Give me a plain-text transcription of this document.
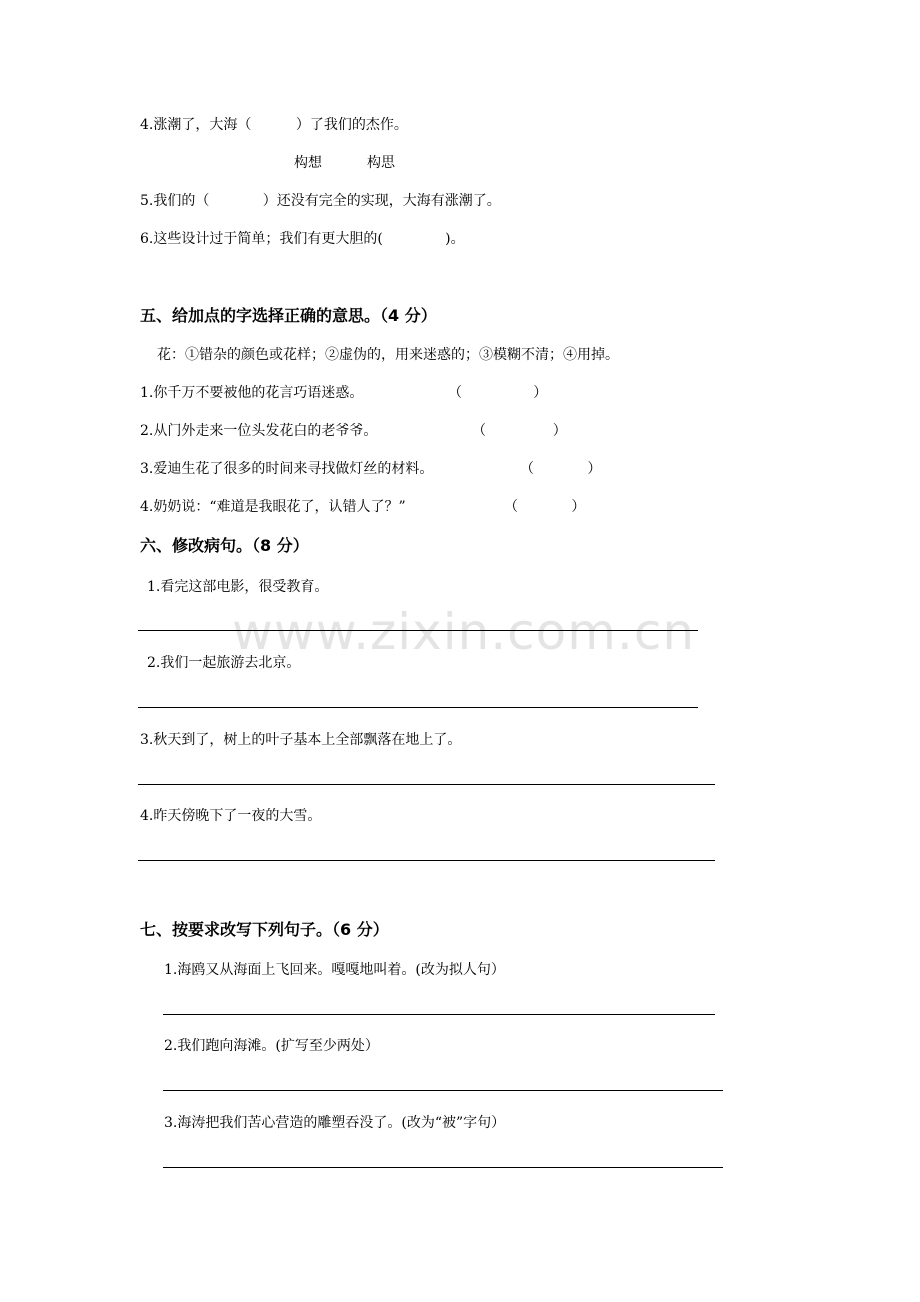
www.zixin.com.cn
4.涨潮了，大海（          ）了我们的杰作。
构想	构思
5.我们的（            ）还没有完全的实现，大海有涨潮了。
6.这些设计过于简单；我们有更大胆的(              )。
五、给加点的字选择正确的意思。（4 分）
花：①错杂的颜色或花样；②虚伪的，用来迷惑的；③模糊不清；④用掉。
1.你千万不要被他的花言巧语迷惑。	（                ）
2.从门外走来一位头发花白的老爷爷。	（               ）
3.爱迪生花了很多的时间来寻找做灯丝的材料。	（            ）
4.奶奶说：“难道是我眼花了，认错人了？”	（            ）
六、修改病句。（8 分）
1.看完这部电影，很受教育。
2.我们一起旅游去北京。
3.秋天到了，树上的叶子基本上全部飘落在地上了。
4.昨天傍晚下了一夜的大雪。
七、按要求改写下列句子。（6 分）
1.海鸥又从海面上飞回来。嘎嘎地叫着。(改为拟人句）
2.我们跑向海滩。(扩写至少两处）
3.海涛把我们苦心营造的雕塑吞没了。(改为“被”字句）
